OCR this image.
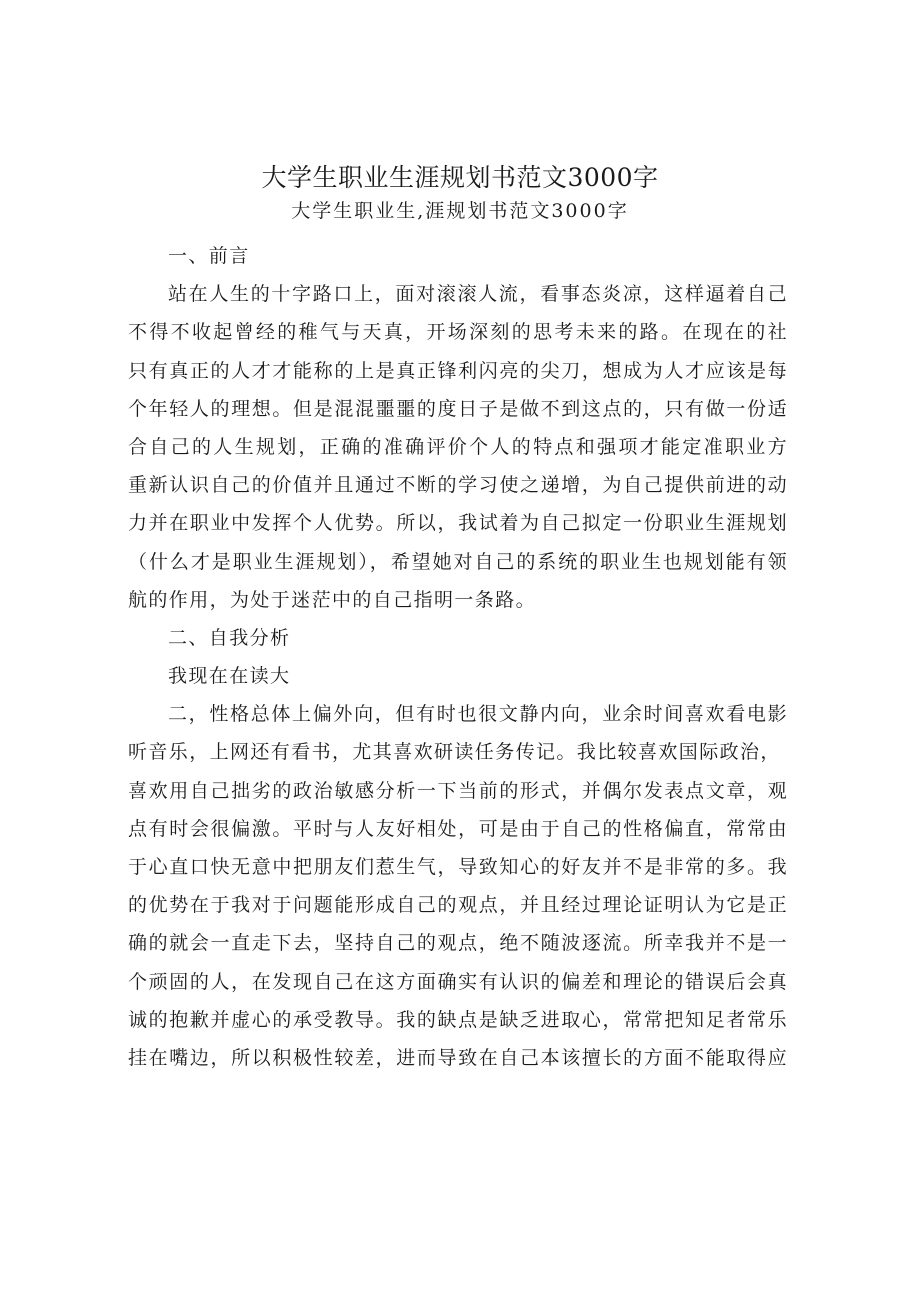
大学生职业生涯规划书范文3000字
大学生职业生,涯规划书范文3000字
一、前言
站在人生的十字路口上，面对滚滚人流，看事态炎凉，这样逼着自己
不得不收起曾经的稚气与天真，开场深刻的思考未来的路。在现在的社
只有真正的人才才能称的上是真正锋利闪亮的尖刀，想成为人才应该是每
个年轻人的理想。但是混混噩噩的度日子是做不到这点的，只有做一份适
合自己的人生规划，正确的准确评价个人的特点和强项才能定准职业方
重新认识自己的价值并且通过不断的学习使之递增，为自己提供前进的动
力并在职业中发挥个人优势。所以，我试着为自己拟定一份职业生涯规划
（什么才是职业生涯规划），希望她对自己的系统的职业生也规划能有领
航的作用，为处于迷茫中的自己指明一条路。
二、自我分析
我现在在读大
二，性格总体上偏外向，但有时也很文静内向，业余时间喜欢看电影
听音乐，上网还有看书，尤其喜欢研读任务传记。我比较喜欢国际政治，
喜欢用自己拙劣的政治敏感分析一下当前的形式，并偶尔发表点文章，观
点有时会很偏激。平时与人友好相处，可是由于自己的性格偏直，常常由
于心直口快无意中把朋友们惹生气，导致知心的好友并不是非常的多。我
的优势在于我对于问题能形成自己的观点，并且经过理论证明认为它是正
确的就会一直走下去，坚持自己的观点，绝不随波逐流。所幸我并不是一
个顽固的人，在发现自己在这方面确实有认识的偏差和理论的错误后会真
诚的抱歉并虚心的承受教导。我的缺点是缺乏进取心，常常把知足者常乐
挂在嘴边，所以积极性较差，进而导致在自己本该擅长的方面不能取得应
